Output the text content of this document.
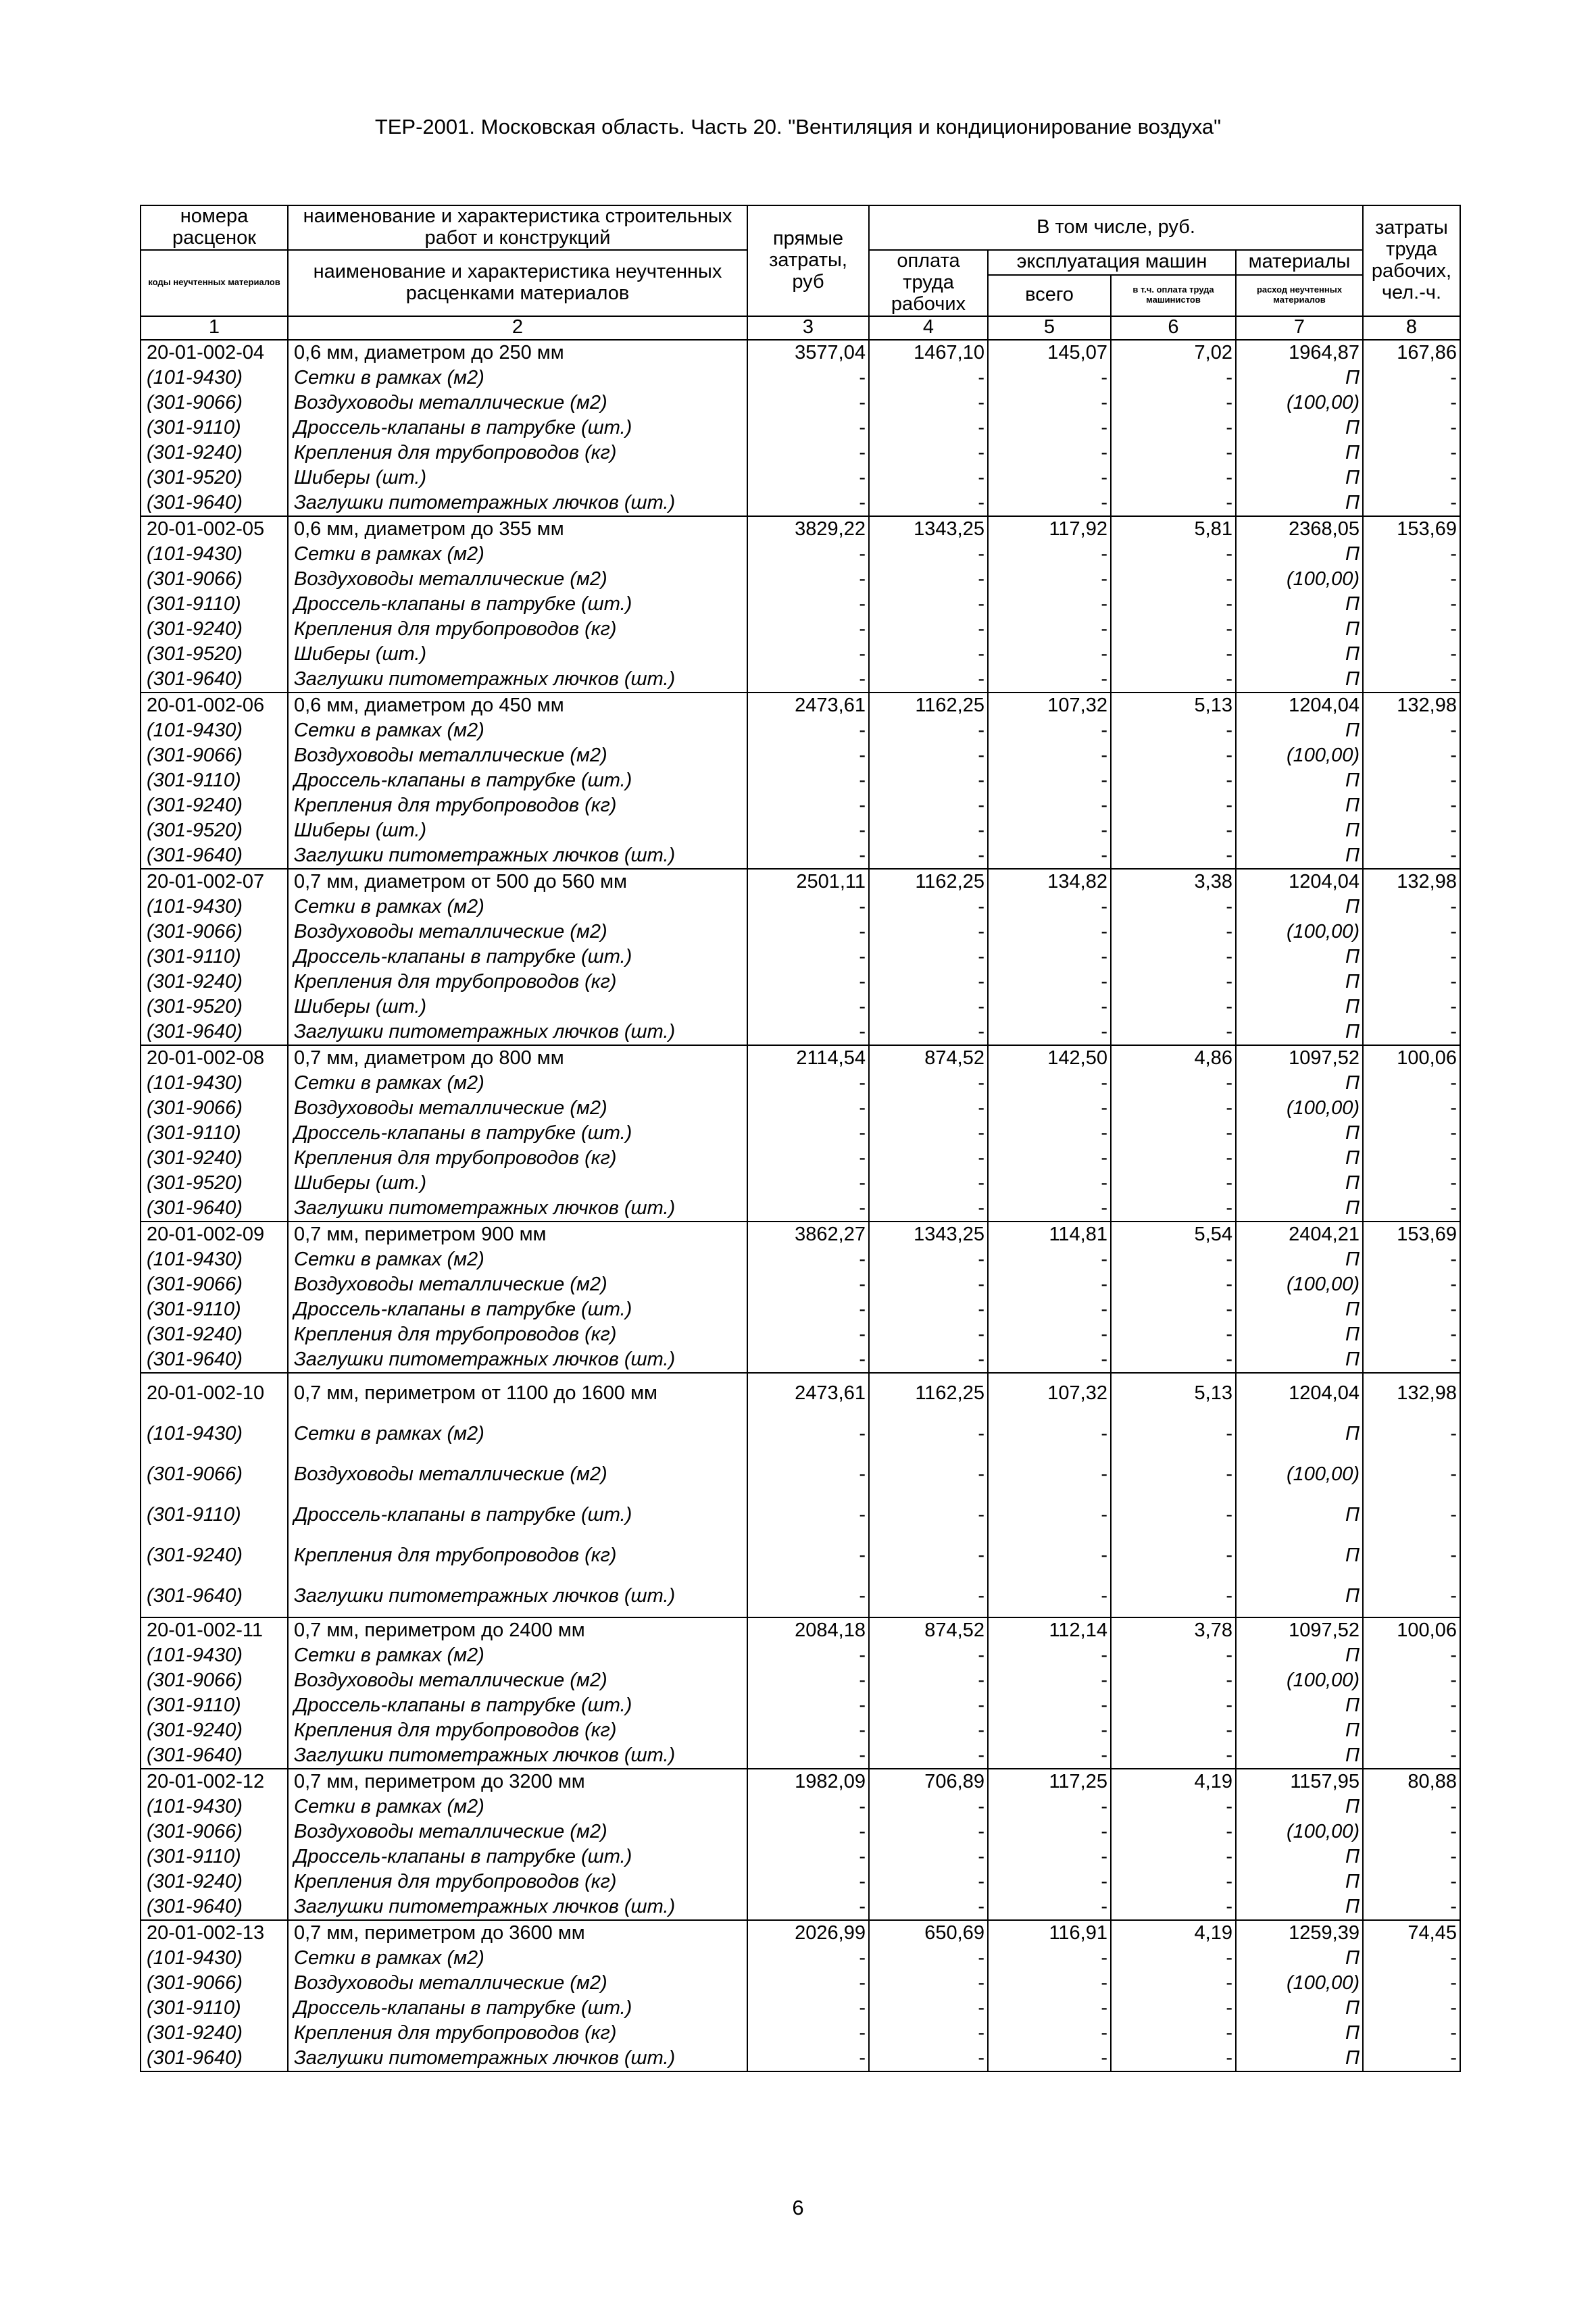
ТЕР-2001. Московская область. Часть 20. "Вентиляция и кондиционирование воздуха"
номера расценок	наименование и характеристика строительных работ и конструкций	прямые затраты, руб	В том числе, руб.				затраты труда рабочих, чел.-ч.
коды неучтенных материалов	наименование и характеристика неучтенных расценками материалов		оплата труда рабочих	эксплуатация машин		материалы	
				всего	в т.ч. оплата труда машинистов	расход неучтенных материалов	
1	2	3	4	5	6	7	8
20-01-002-04	0,6 мм, диаметром до 250 мм	3577,04	1467,10	145,07	7,02	1964,87	167,86
(101-9430)	Сетки в рамках (м2)	-	-	-	-	П	-
(301-9066)	Воздуховоды металлические (м2)	-	-	-	-	(100,00)	-
(301-9110)	Дроссель-клапаны в патрубке (шт.)	-	-	-	-	П	-
(301-9240)	Крепления для трубопроводов (кг)	-	-	-	-	П	-
(301-9520)	Шиберы (шт.)	-	-	-	-	П	-
(301-9640)	Заглушки питометражных лючков (шт.)	-	-	-	-	П	-
20-01-002-05	0,6 мм, диаметром до 355 мм	3829,22	1343,25	117,92	5,81	2368,05	153,69
(101-9430)	Сетки в рамках (м2)	-	-	-	-	П	-
(301-9066)	Воздуховоды металлические (м2)	-	-	-	-	(100,00)	-
(301-9110)	Дроссель-клапаны в патрубке (шт.)	-	-	-	-	П	-
(301-9240)	Крепления для трубопроводов (кг)	-	-	-	-	П	-
(301-9520)	Шиберы (шт.)	-	-	-	-	П	-
(301-9640)	Заглушки питометражных лючков (шт.)	-	-	-	-	П	-
20-01-002-06	0,6 мм, диаметром до 450 мм	2473,61	1162,25	107,32	5,13	1204,04	132,98
(101-9430)	Сетки в рамках (м2)	-	-	-	-	П	-
(301-9066)	Воздуховоды металлические (м2)	-	-	-	-	(100,00)	-
(301-9110)	Дроссель-клапаны в патрубке (шт.)	-	-	-	-	П	-
(301-9240)	Крепления для трубопроводов (кг)	-	-	-	-	П	-
(301-9520)	Шиберы (шт.)	-	-	-	-	П	-
(301-9640)	Заглушки питометражных лючков (шт.)	-	-	-	-	П	-
20-01-002-07	0,7 мм, диаметром от 500 до 560 мм	2501,11	1162,25	134,82	3,38	1204,04	132,98
(101-9430)	Сетки в рамках (м2)	-	-	-	-	П	-
(301-9066)	Воздуховоды металлические (м2)	-	-	-	-	(100,00)	-
(301-9110)	Дроссель-клапаны в патрубке (шт.)	-	-	-	-	П	-
(301-9240)	Крепления для трубопроводов (кг)	-	-	-	-	П	-
(301-9520)	Шиберы (шт.)	-	-	-	-	П	-
(301-9640)	Заглушки питометражных лючков (шт.)	-	-	-	-	П	-
20-01-002-08	0,7 мм, диаметром до 800 мм	2114,54	874,52	142,50	4,86	1097,52	100,06
(101-9430)	Сетки в рамках (м2)	-	-	-	-	П	-
(301-9066)	Воздуховоды металлические (м2)	-	-	-	-	(100,00)	-
(301-9110)	Дроссель-клапаны в патрубке (шт.)	-	-	-	-	П	-
(301-9240)	Крепления для трубопроводов (кг)	-	-	-	-	П	-
(301-9520)	Шиберы (шт.)	-	-	-	-	П	-
(301-9640)	Заглушки питометражных лючков (шт.)	-	-	-	-	П	-
20-01-002-09	0,7 мм, периметром 900 мм	3862,27	1343,25	114,81	5,54	2404,21	153,69
(101-9430)	Сетки в рамках (м2)	-	-	-	-	П	-
(301-9066)	Воздуховоды металлические (м2)	-	-	-	-	(100,00)	-
(301-9110)	Дроссель-клапаны в патрубке (шт.)	-	-	-	-	П	-
(301-9240)	Крепления для трубопроводов (кг)	-	-	-	-	П	-
(301-9640)	Заглушки питометражных лючков (шт.)	-	-	-	-	П	-
20-01-002-10	0,7 мм, периметром от 1100 до 1600 мм	2473,61	1162,25	107,32	5,13	1204,04	132,98
(101-9430)	Сетки в рамках (м2)	-	-	-	-	П	-
(301-9066)	Воздуховоды металлические (м2)	-	-	-	-	(100,00)	-
(301-9110)	Дроссель-клапаны в патрубке (шт.)	-	-	-	-	П	-
(301-9240)	Крепления для трубопроводов (кг)	-	-	-	-	П	-
(301-9640)	Заглушки питометражных лючков (шт.)	-	-	-	-	П	-
20-01-002-11	0,7 мм, периметром до 2400 мм	2084,18	874,52	112,14	3,78	1097,52	100,06
(101-9430)	Сетки в рамках (м2)	-	-	-	-	П	-
(301-9066)	Воздуховоды металлические (м2)	-	-	-	-	(100,00)	-
(301-9110)	Дроссель-клапаны в патрубке (шт.)	-	-	-	-	П	-
(301-9240)	Крепления для трубопроводов (кг)	-	-	-	-	П	-
(301-9640)	Заглушки питометражных лючков (шт.)	-	-	-	-	П	-
20-01-002-12	0,7 мм, периметром до 3200 мм	1982,09	706,89	117,25	4,19	1157,95	80,88
(101-9430)	Сетки в рамках (м2)	-	-	-	-	П	-
(301-9066)	Воздуховоды металлические (м2)	-	-	-	-	(100,00)	-
(301-9110)	Дроссель-клапаны в патрубке (шт.)	-	-	-	-	П	-
(301-9240)	Крепления для трубопроводов (кг)	-	-	-	-	П	-
(301-9640)	Заглушки питометражных лючков (шт.)	-	-	-	-	П	-
20-01-002-13	0,7 мм, периметром до 3600 мм	2026,99	650,69	116,91	4,19	1259,39	74,45
(101-9430)	Сетки в рамках (м2)	-	-	-	-	П	-
(301-9066)	Воздуховоды металлические (м2)	-	-	-	-	(100,00)	-
(301-9110)	Дроссель-клапаны в патрубке (шт.)	-	-	-	-	П	-
(301-9240)	Крепления для трубопроводов (кг)	-	-	-	-	П	-
(301-9640)	Заглушки питометражных лючков (шт.)	-	-	-	-	П	-
6
